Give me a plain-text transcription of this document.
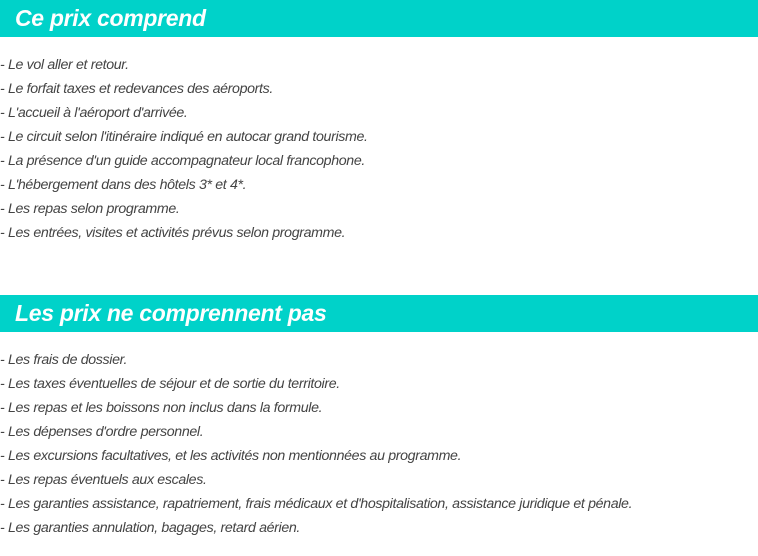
Ce prix comprend
- Le vol aller et retour.
- Le forfait taxes et redevances des aéroports.
- L'accueil à l'aéroport d'arrivée.
- Le circuit selon l'itinéraire indiqué en autocar grand tourisme.
- La présence d'un guide accompagnateur local francophone.
- L'hébergement dans des hôtels 3* et 4*.
- Les repas selon programme.
- Les entrées, visites et activités prévus selon programme.
Les prix ne comprennent pas
- Les frais de dossier.
- Les taxes éventuelles de séjour et de sortie du territoire.
- Les repas et les boissons non inclus dans la formule.
- Les dépenses d'ordre personnel.
- Les excursions facultatives, et les activités non mentionnées au programme.
- Les repas éventuels aux escales.
- Les garanties assistance, rapatriement, frais médicaux et d'hospitalisation, assistance juridique et pénale.
- Les garanties annulation, bagages, retard aérien.
